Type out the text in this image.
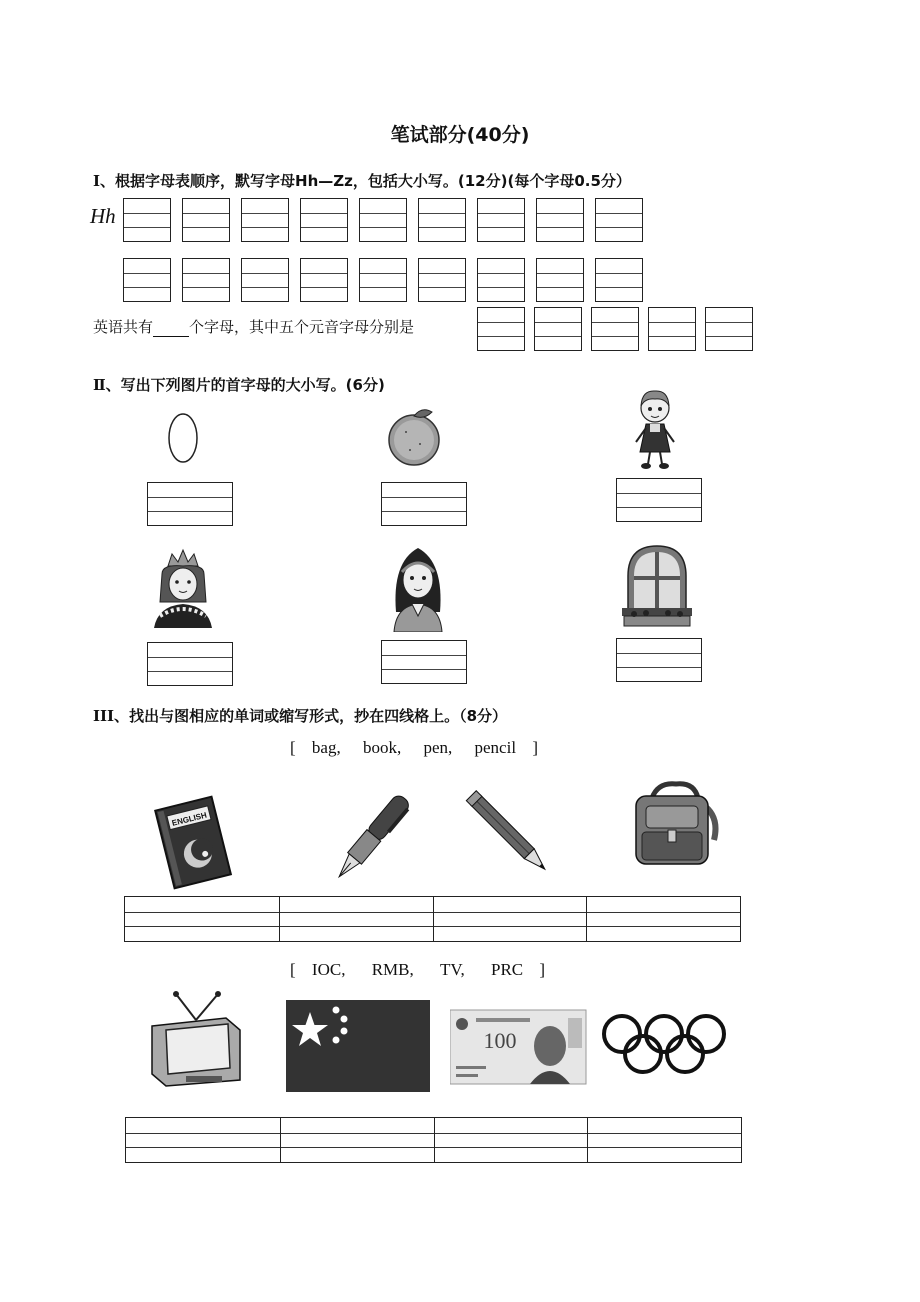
笔试部分(40分)
Ⅰ、根据字母表顺序，默写字母Hh—Zz，包括大小写。(12分)(每个字母0.5分）
Hh
英语共有 个字母，其中五个元音字母分别是
Ⅱ、写出下列图片的首字母的大小写。(6分)
III、找出与图相应的单词或缩写形式，抄在四线格上。（8分）
[ bag, book, pen, pencil ]
ENGLISH
[ IOC, RMB, TV, PRC ]
100
